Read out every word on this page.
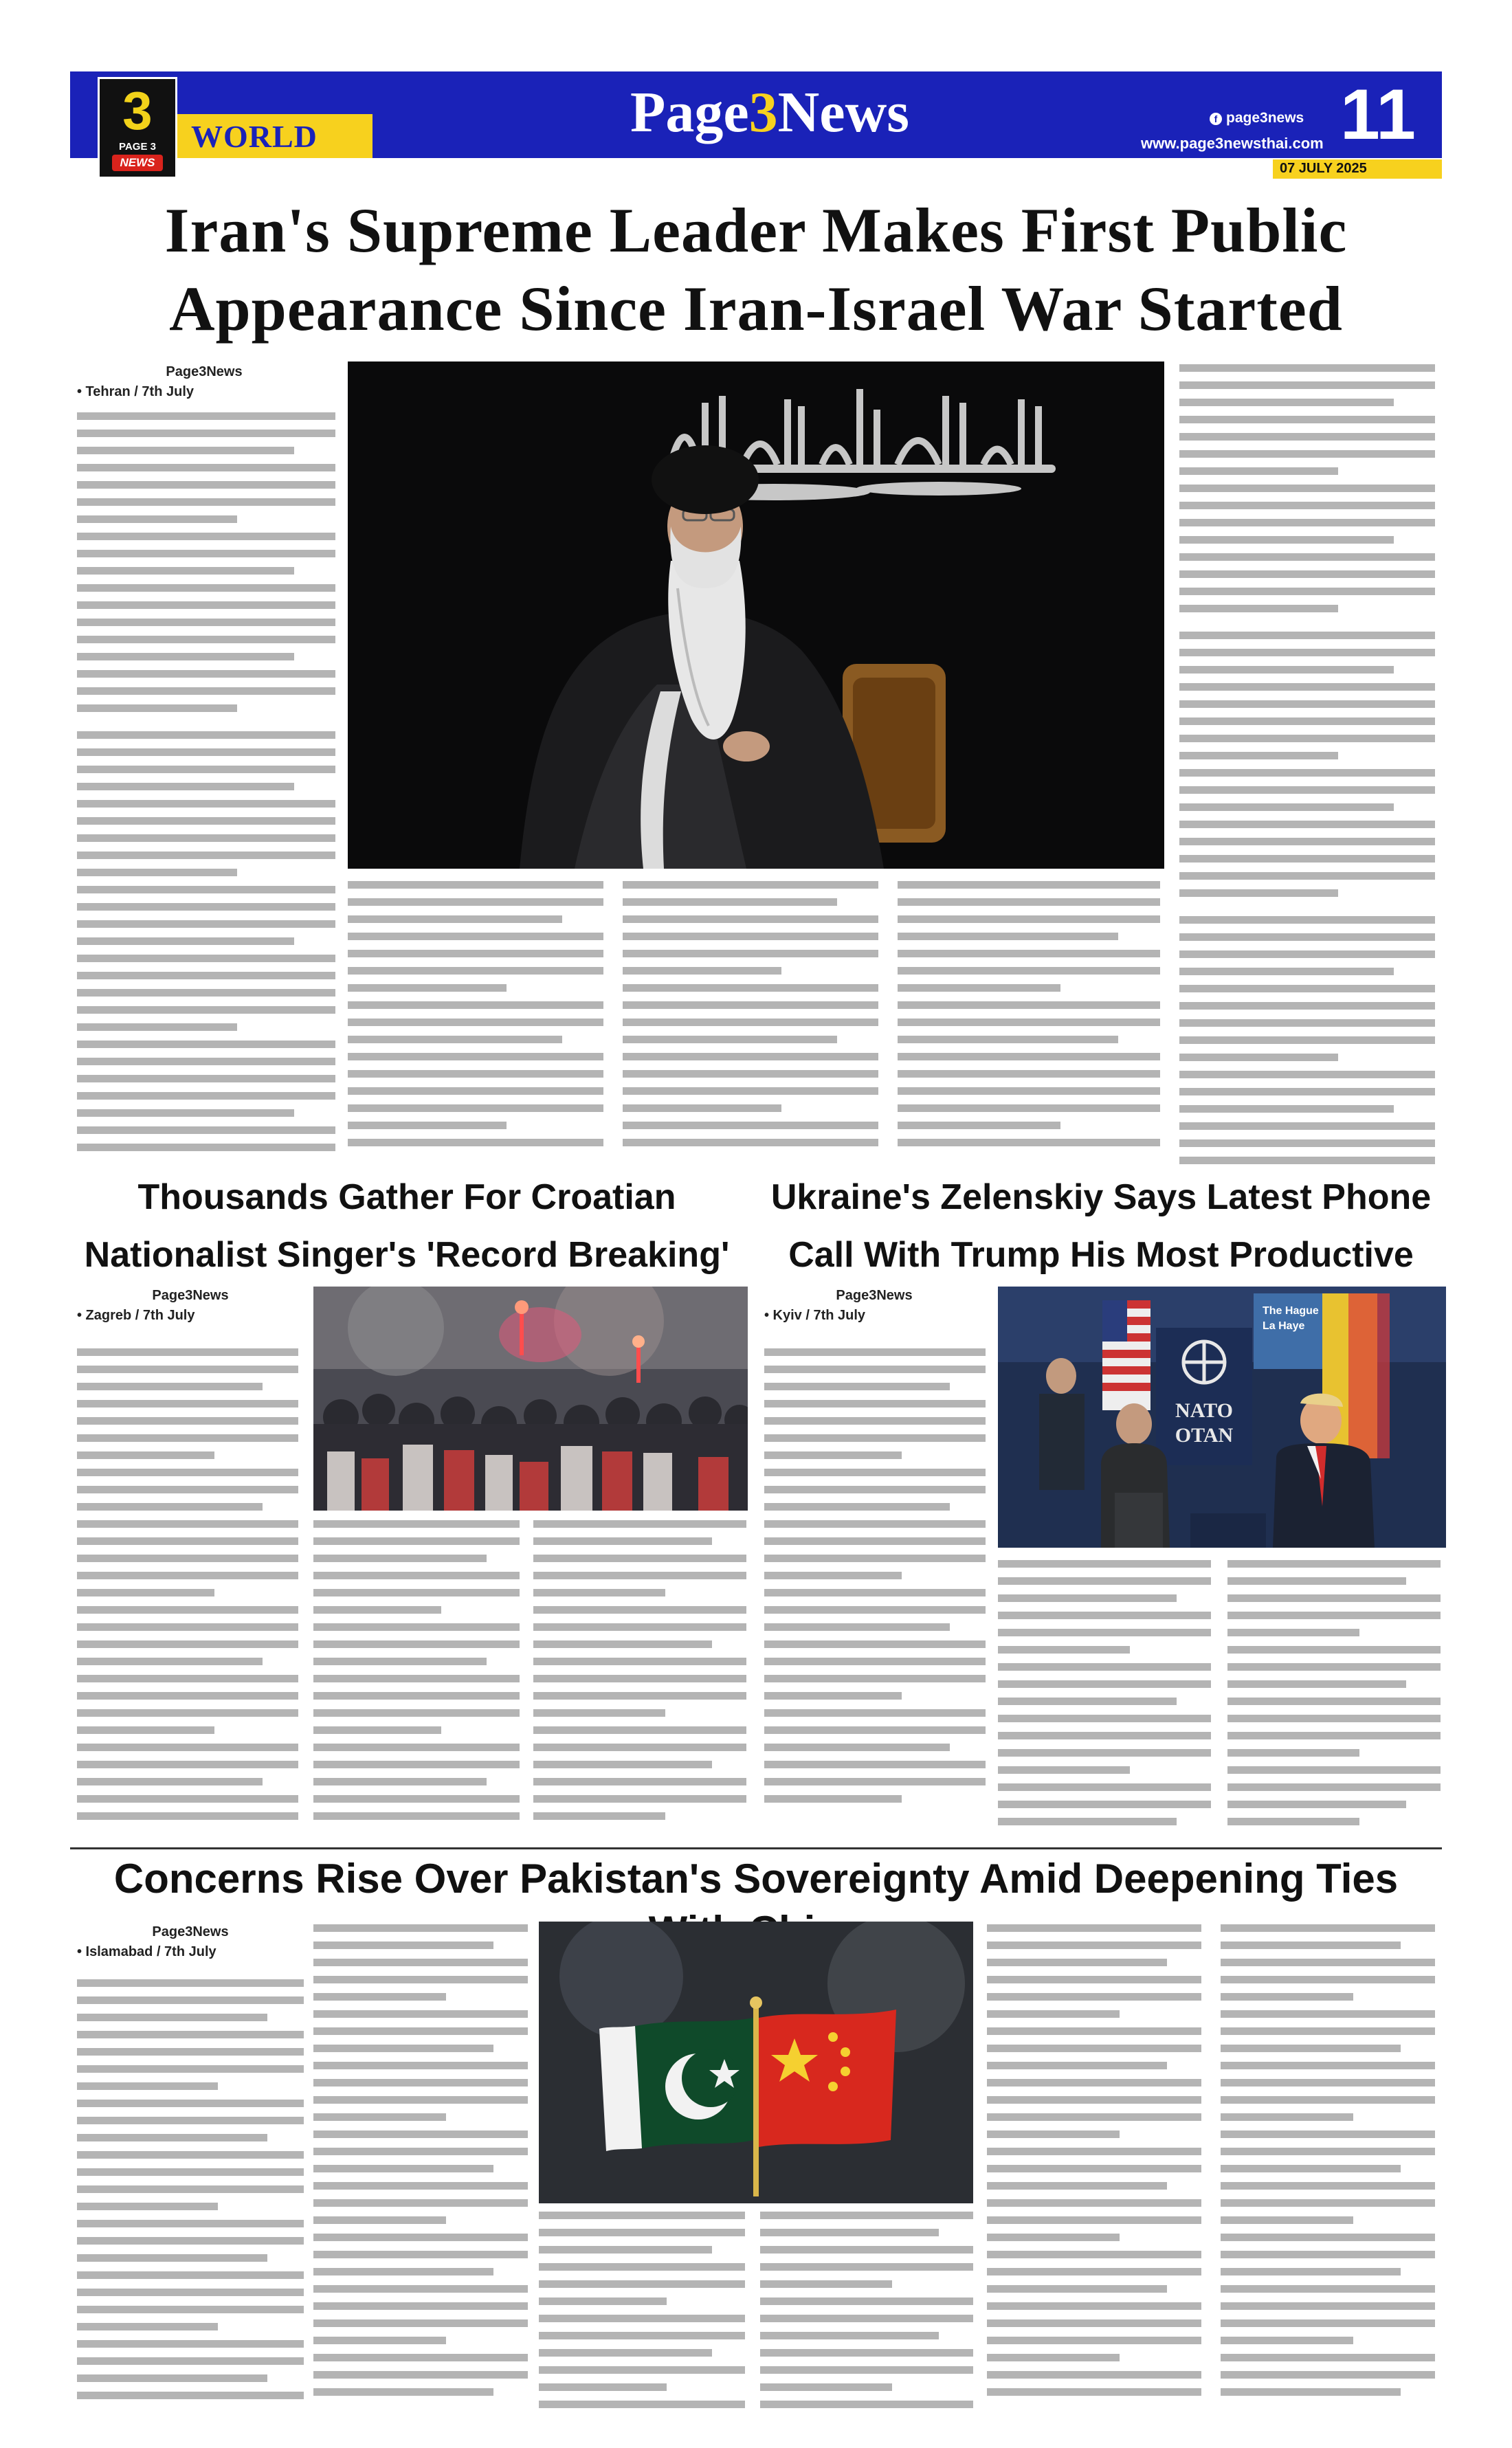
3
PAGE 3
NEWS
WORLD	Page3News	f page3news
www.page3newsthai.com 11
07 JULY 2025
Iran's Supreme Leader Makes First Public
Appearance Since Iran-Israel War Started
Page3News
• Tehran / 7th July
Thousands Gather For Croatian
Nationalist Singer's 'Record Breaking'
Page3News
• Zagreb / 7th July
Ukraine's Zelenskiy Says Latest Phone
Call With Trump His Most Productive
Page3News
• Kyiv / 7th July
NATO
OTAN
The Hague
La Haye
Concerns Rise Over Pakistan's Sovereignty Amid Deepening Ties
Page3News
• Islamabad / 7th July
